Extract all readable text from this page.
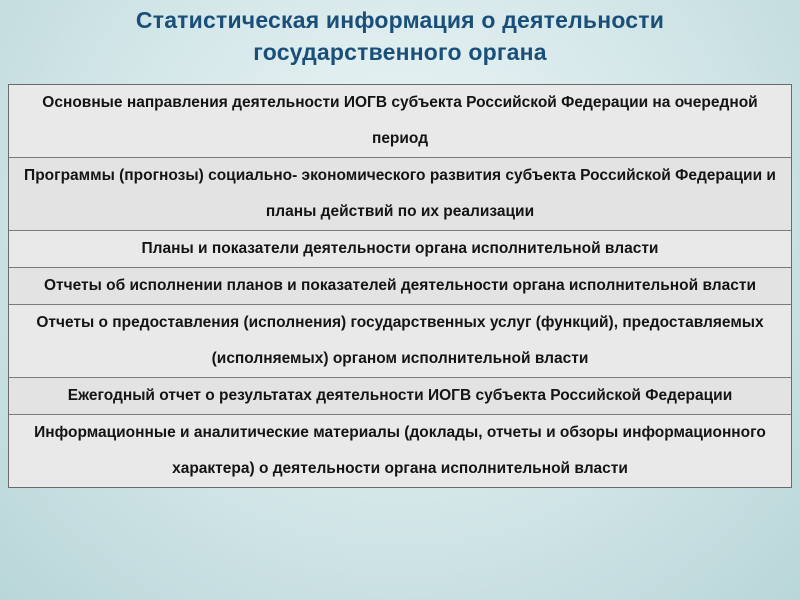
Статистическая информация о деятельности
государственного органа
Основные направления деятельности ИОГВ субъекта Российской Федерации на очередной период
Программы (прогнозы) социально- экономического развития субъекта Российской Федерации и планы действий по их реализации
Планы и показатели деятельности органа исполнительной власти
Отчеты об исполнении планов и показателей деятельности органа исполнительной власти
Отчеты о предоставления (исполнения) государственных услуг (функций), предоставляемых (исполняемых) органом исполнительной власти
Ежегодный отчет о результатах деятельности ИОГВ субъекта Российской Федерации
Информационные и аналитические материалы (доклады, отчеты и обзоры информационного характера) о деятельности органа исполнительной власти
